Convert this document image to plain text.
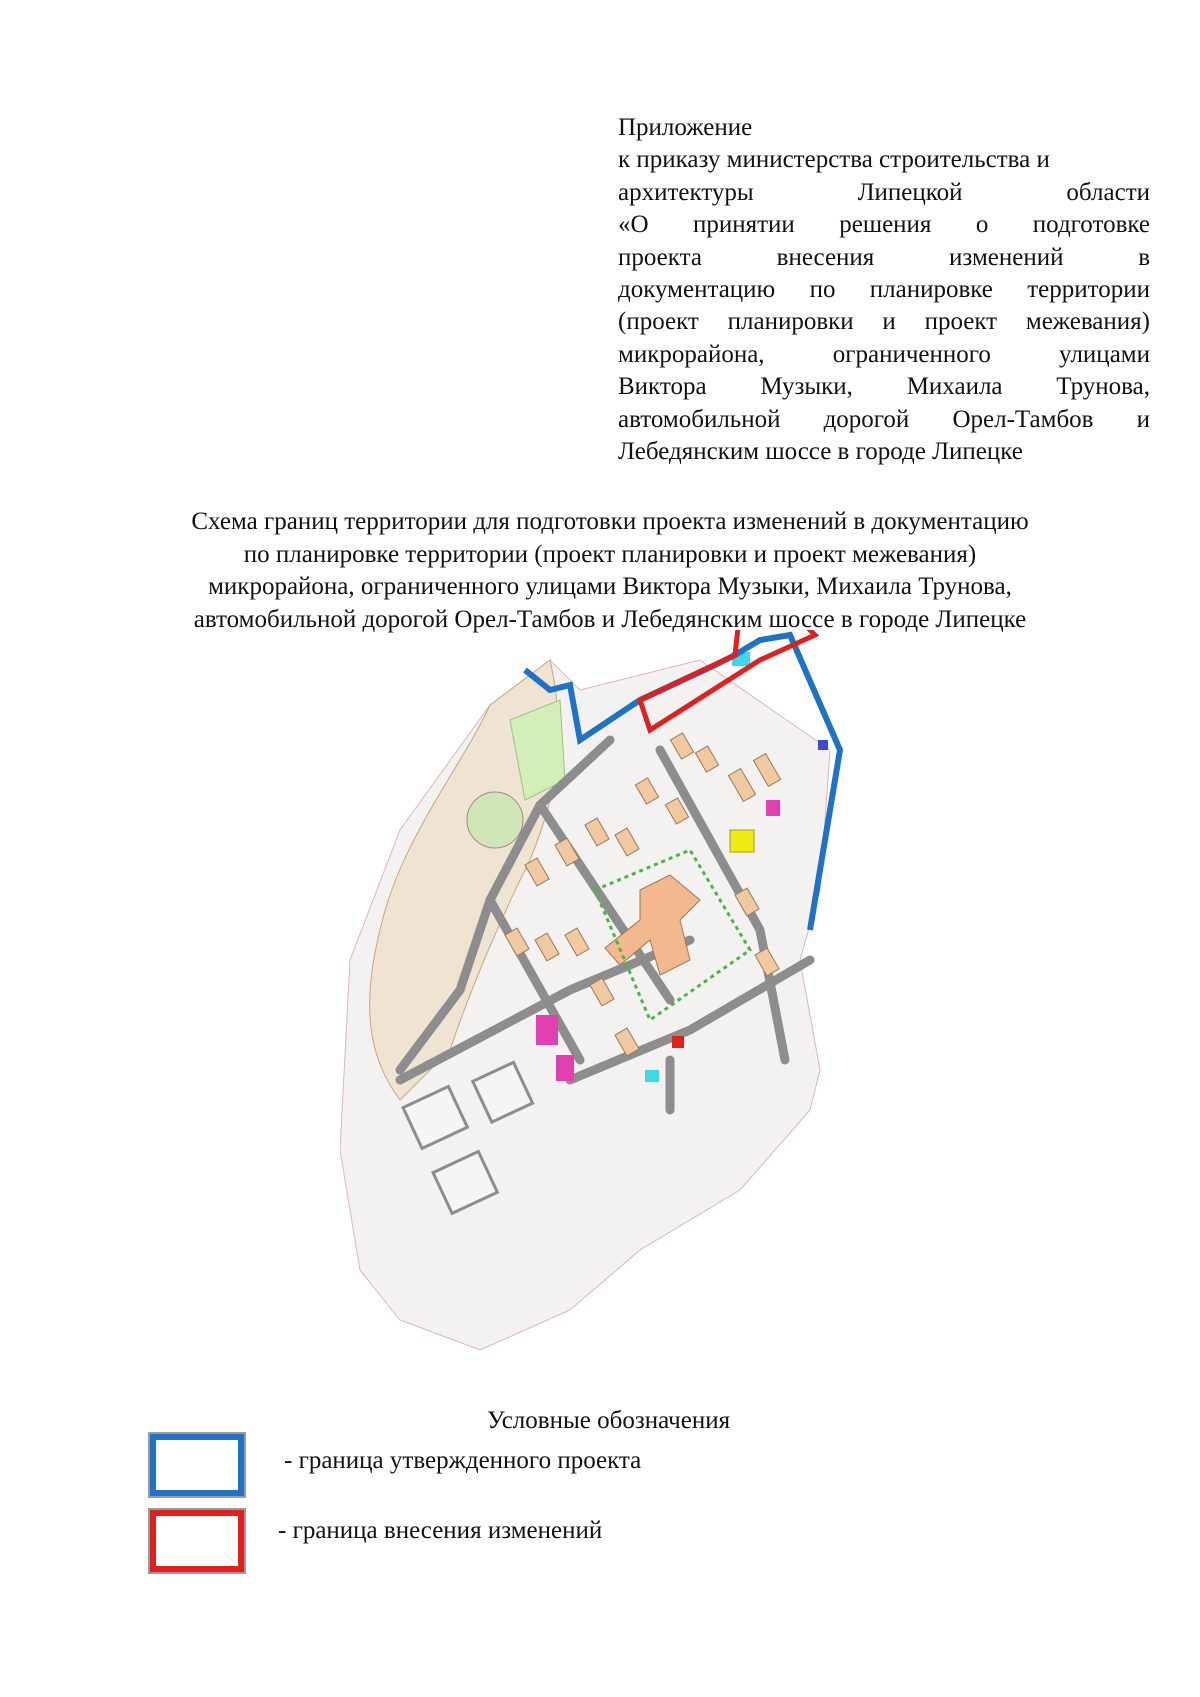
Приложение
к приказу министерства строительства и
архитектуры Липецкой области
«О принятии решения о подготовке
проекта внесения изменений в
документацию по планировке территории
(проект планировки и проект межевания)
микрорайона, ограниченного улицами
Виктора Музыки, Михаила Трунова,
автомобильной дорогой Орел-Тамбов и
Лебедянским шоссе в городе Липецке
Схема границ территории для подготовки проекта изменений в документацию
по планировке территории (проект планировки и проект межевания)
микрорайона, ограниченного улицами Виктора Музыки, Михаила Трунова,
автомобильной дорогой Орел-Тамбов и Лебедянским шоссе в городе Липецке
Условные обозначения
- граница утвержденного проекта
- граница внесения изменений
